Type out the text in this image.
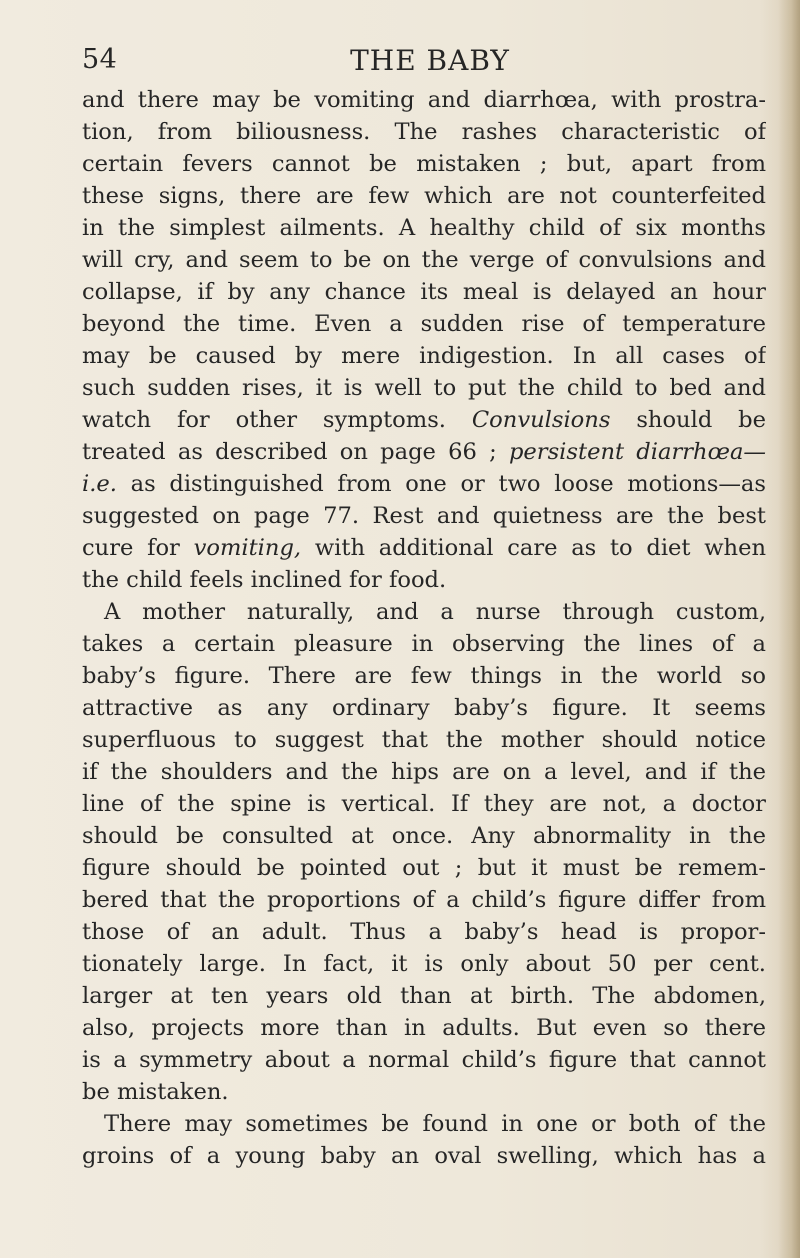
54	THE BABY
and there may be vomiting and diarrhœa, with prostra-
tion, from biliousness. The rashes characteristic of
certain fevers cannot be mistaken ; but, apart from
these signs, there are few which are not counterfeited
in the simplest ailments. A healthy child of six months
will cry, and seem to be on the verge of convulsions and
collapse, if by any chance its meal is delayed an hour
beyond the time. Even a sudden rise of temperature
may be caused by mere indigestion. In all cases of
such sudden rises, it is well to put the child to bed and
watch for other symptoms. Convulsions should be
treated as described on page 66 ; persistent diarrhœa—
i.e. as distinguished from one or two loose motions—as
suggested on page 77. Rest and quietness are the best
cure for vomiting, with additional care as to diet when
the child feels inclined for food.
A mother naturally, and a nurse through custom,
takes a certain pleasure in observing the lines of a
baby’s figure. There are few things in the world so
attractive as any ordinary baby’s figure. It seems
superfluous to suggest that the mother should notice
if the shoulders and the hips are on a level, and if the
line of the spine is vertical. If they are not, a doctor
should be consulted at once. Any abnormality in the
figure should be pointed out ; but it must be remem-
bered that the proportions of a child’s figure differ from
those of an adult. Thus a baby’s head is propor-
tionately large. In fact, it is only about 50 per cent.
larger at ten years old than at birth. The abdomen,
also, projects more than in adults. But even so there
is a symmetry about a normal child’s figure that cannot
be mistaken.
There may sometimes be found in one or both of the
groins of a young baby an oval swelling, which has a
